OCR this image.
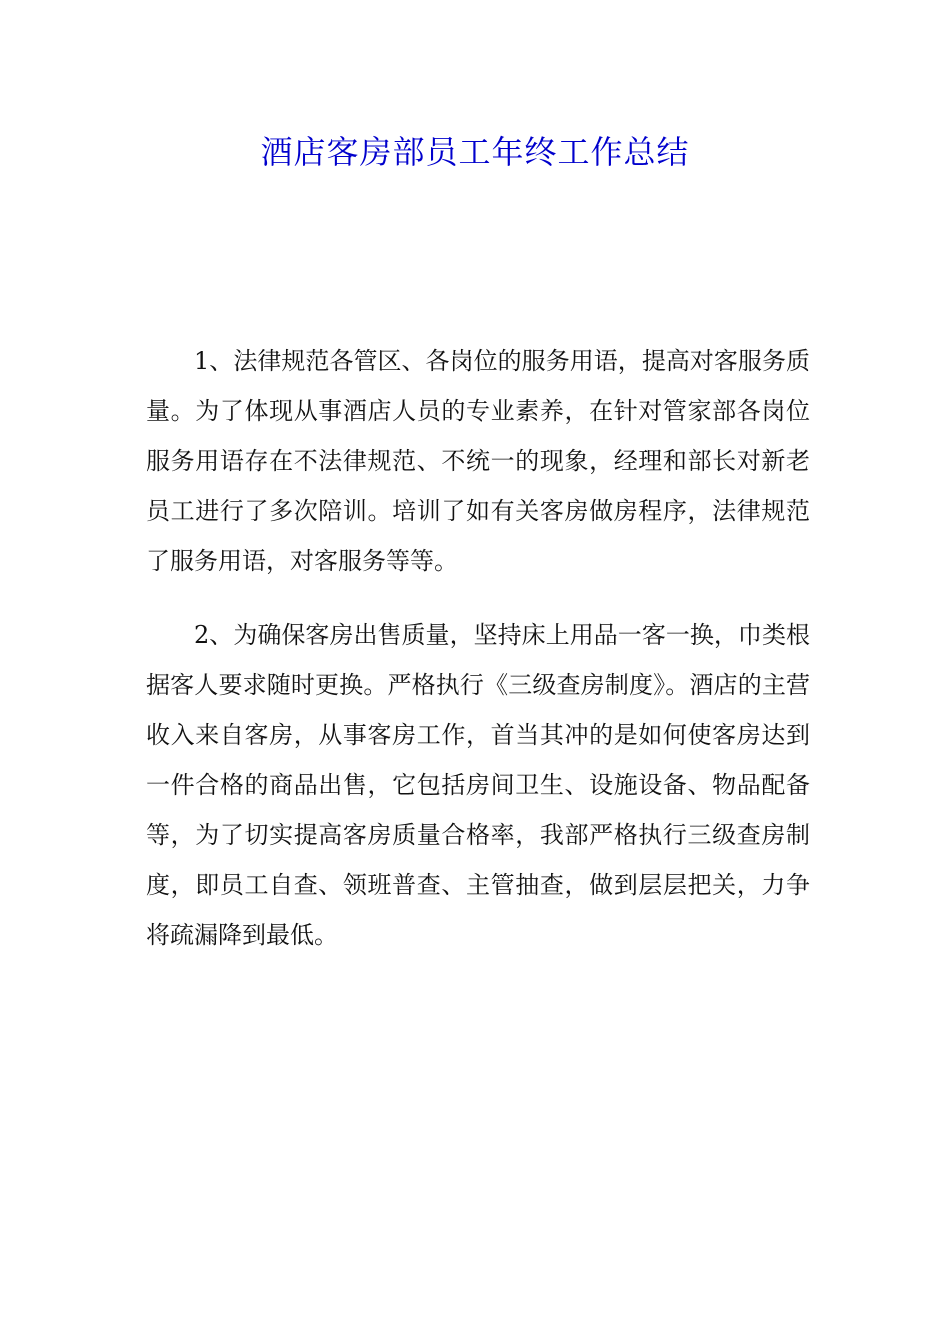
酒店客房部员工年终工作总结

1、法律规范各管区、各岗位的服务用语，提高对客服务质量。为了体现从事酒店人员的专业素养，在针对管家部各岗位服务用语存在不法律规范、不统一的现象，经理和部长对新老员工进行了多次陪训。培训了如有关客房做房程序，法律规范了服务用语，对客服务等等。

2、为确保客房出售质量，坚持床上用品一客一换，巾类根据客人要求随时更换。严格执行《三级查房制度》。酒店的主营收入来自客房，从事客房工作，首当其冲的是如何使客房达到一件合格的商品出售，它包括房间卫生、设施设备、物品配备等，为了切实提高客房质量合格率，我部严格执行三级查房制度，即员工自查、领班普查、主管抽查，做到层层把关，力争将疏漏降到最低。
